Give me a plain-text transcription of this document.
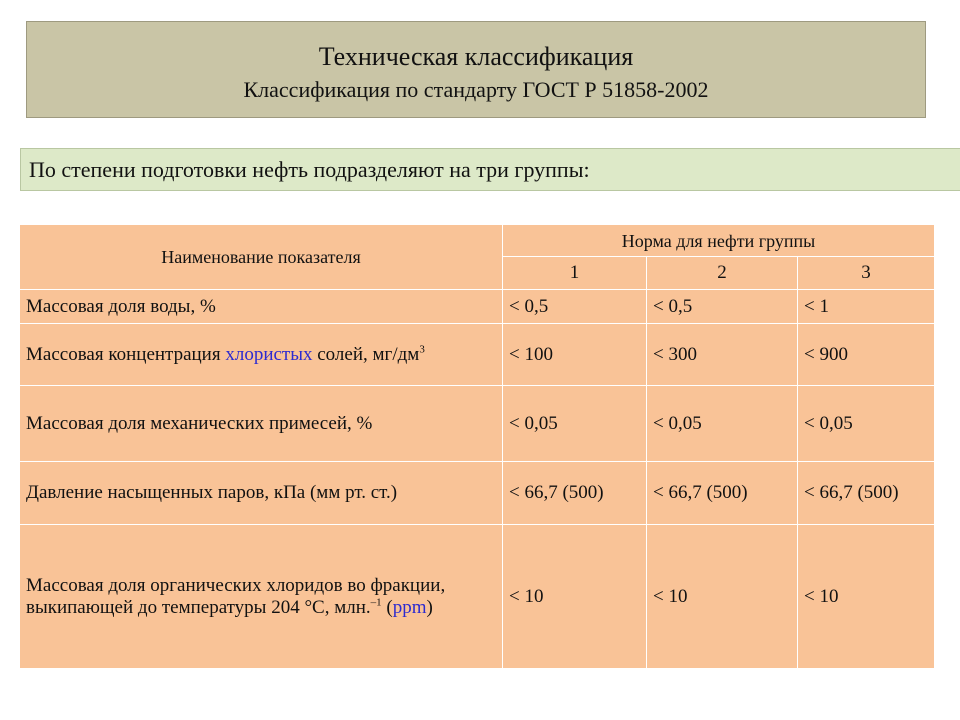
Техническая классификация
Классификация по стандарту ГОСТ Р 51858-2002
По степени подготовки нефть подразделяют на три группы:
Наименование показателя	Норма для нефти группы		
	1	2	3
Массовая доля воды, %	< 0,5	< 0,5	< 1
Массовая концентрация хлористых солей, $мг/дм^3$	< 100	< 300	< 900
Массовая доля механических примесей, %	< 0,05	< 0,05	< 0,05
Давление насыщенных паров, кПа (мм рт. ст.)	< 66,7 (500)	< 66,7 (500)	< 66,7 (500)
Массовая доля органических хлоридов во фракции, выкипающей до температуры 204 °С, млн.$^{-1}$ (ppm)	< 10	< 10	< 10
